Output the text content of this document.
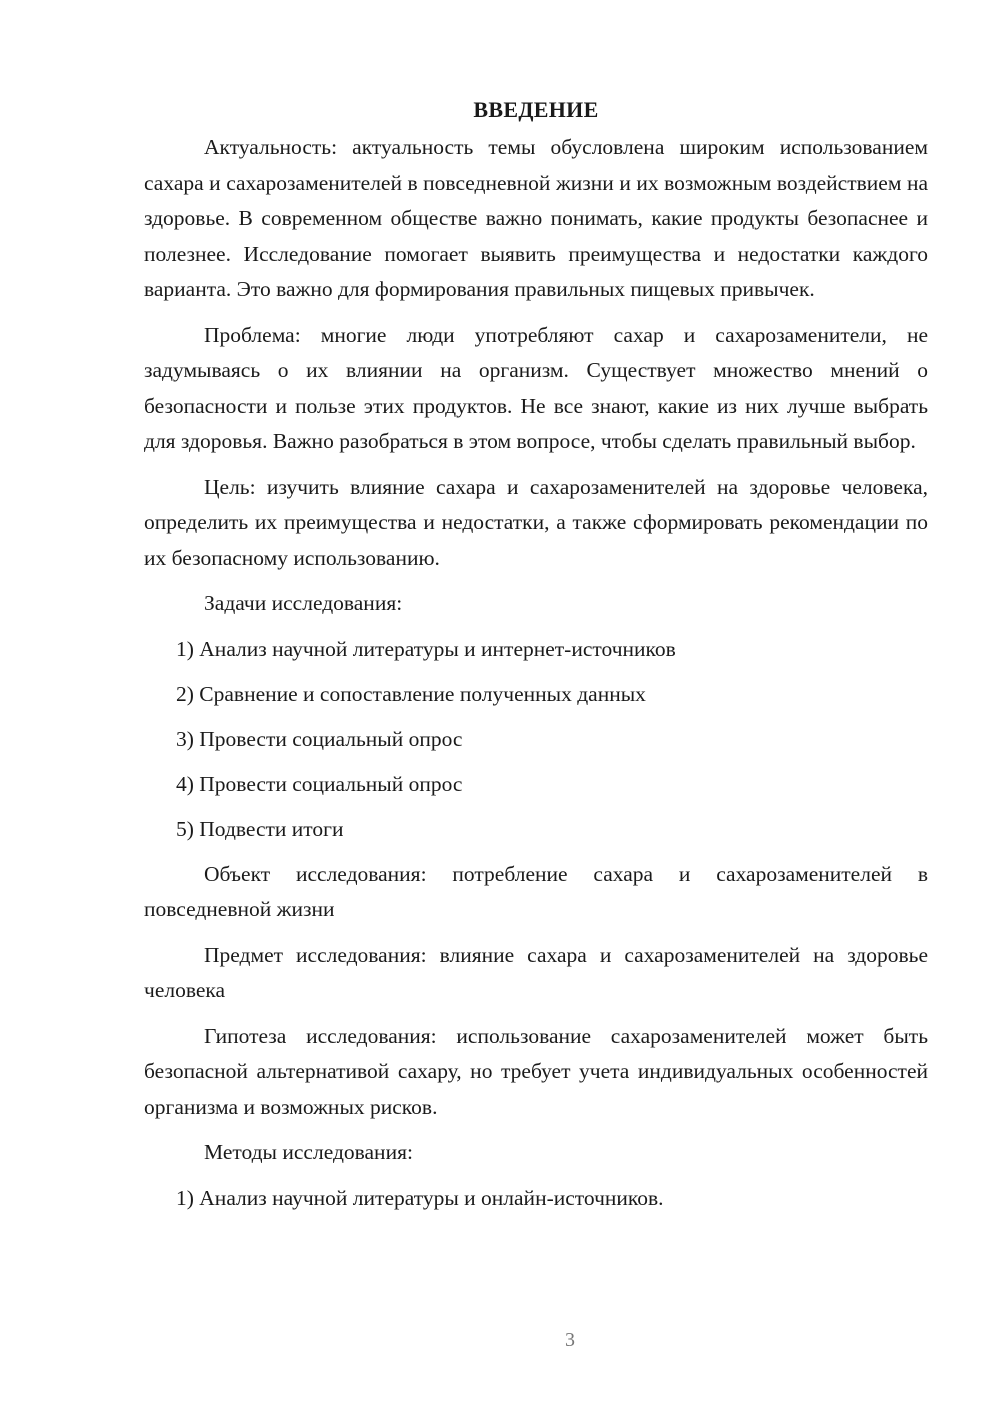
ВВЕДЕНИЕ

Актуальность: актуальность темы обусловлена широким использованием сахара и сахарозаменителей в повседневной жизни и их возможным воздействием на здоровье. В современном обществе важно понимать, какие продукты безопаснее и полезнее. Исследование помогает выявить преимущества и недостатки каждого варианта. Это важно для формирования правильных пищевых привычек.

Проблема: многие люди употребляют сахар и сахарозаменители, не задумываясь о их влиянии на организм. Существует множество мнений о безопасности и пользе этих продуктов. Не все знают, какие из них лучше выбрать для здоровья. Важно разобраться в этом вопросе, чтобы сделать правильный выбор.

Цель: изучить влияние сахара и сахарозаменителей на здоровье человека, определить их преимущества и недостатки, а также сформировать рекомендации по их безопасному использованию.

Задачи исследования:

1) Анализ научной литературы и интернет-источников

2) Сравнение и сопоставление полученных данных

3) Провести социальный опрос

4) Провести социальный опрос

5) Подвести итоги

Объект исследования: потребление сахара и сахарозаменителей в повседневной жизни

Предмет исследования: влияние сахара и сахарозаменителей на здоровье человека

Гипотеза исследования: использование сахарозаменителей может быть безопасной альтернативой сахару, но требует учета индивидуальных особенностей организма и возможных рисков.

Методы исследования:

1) Анализ научной литературы и онлайн-источников.

3
